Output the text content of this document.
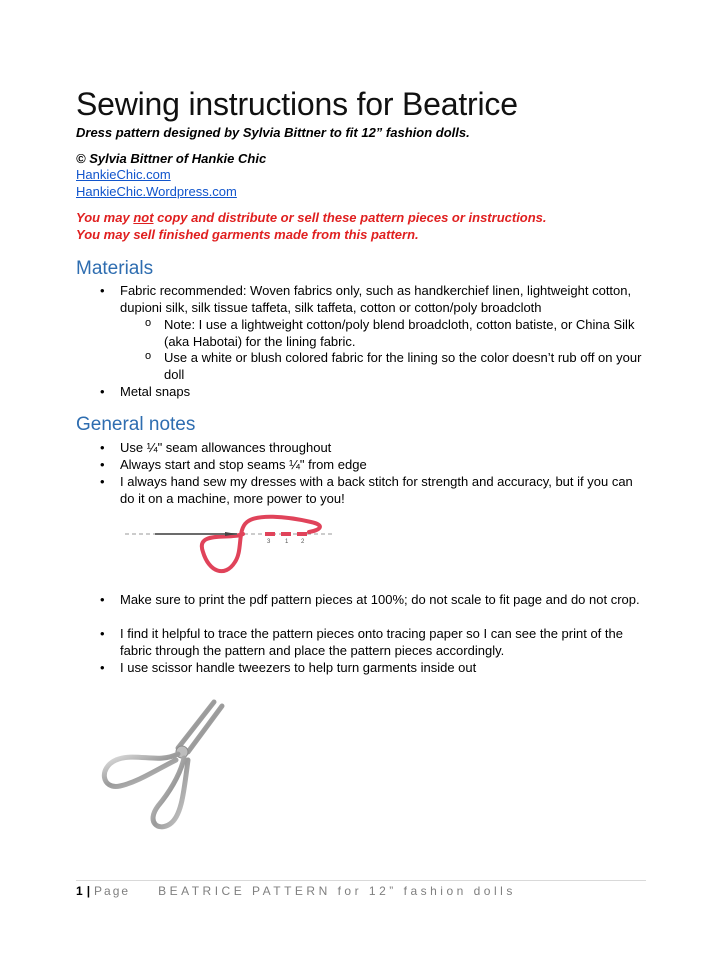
Sewing instructions for Beatrice
Dress pattern designed by Sylvia Bittner to fit 12” fashion dolls.
© Sylvia Bittner of Hankie Chic
HankieChic.com
HankieChic.Wordpress.com
You may not copy and distribute or sell these pattern pieces or instructions.
You may sell finished garments made from this pattern.
Materials
• Fabric recommended: Woven fabrics only, such as handkerchief linen, lightweight cotton, dupioni silk, silk tissue taffeta, silk taffeta, cotton or cotton/poly broadcloth
o Note: I use a lightweight cotton/poly blend broadcloth, cotton batiste, or China Silk (aka Habotai) for the lining fabric.
o Use a white or blush colored fabric for the lining so the color doesn’t rub off on your doll
• Metal snaps
General notes
• Use ¼" seam allowances throughout
• Always start and stop seams ¼" from edge
• I always hand sew my dresses with a back stitch for strength and accuracy, but if you can do it on a machine, more power to you!
3 1 2
• Make sure to print the pdf pattern pieces at 100%; do not scale to fit page and do not crop.
• I find it helpful to trace the pattern pieces onto tracing paper so I can see the print of the fabric through the pattern and place the pattern pieces accordingly.
• I use scissor handle tweezers to help turn garments inside out
1 | Page BEATRICE PATTERN for 12” fashion dolls
